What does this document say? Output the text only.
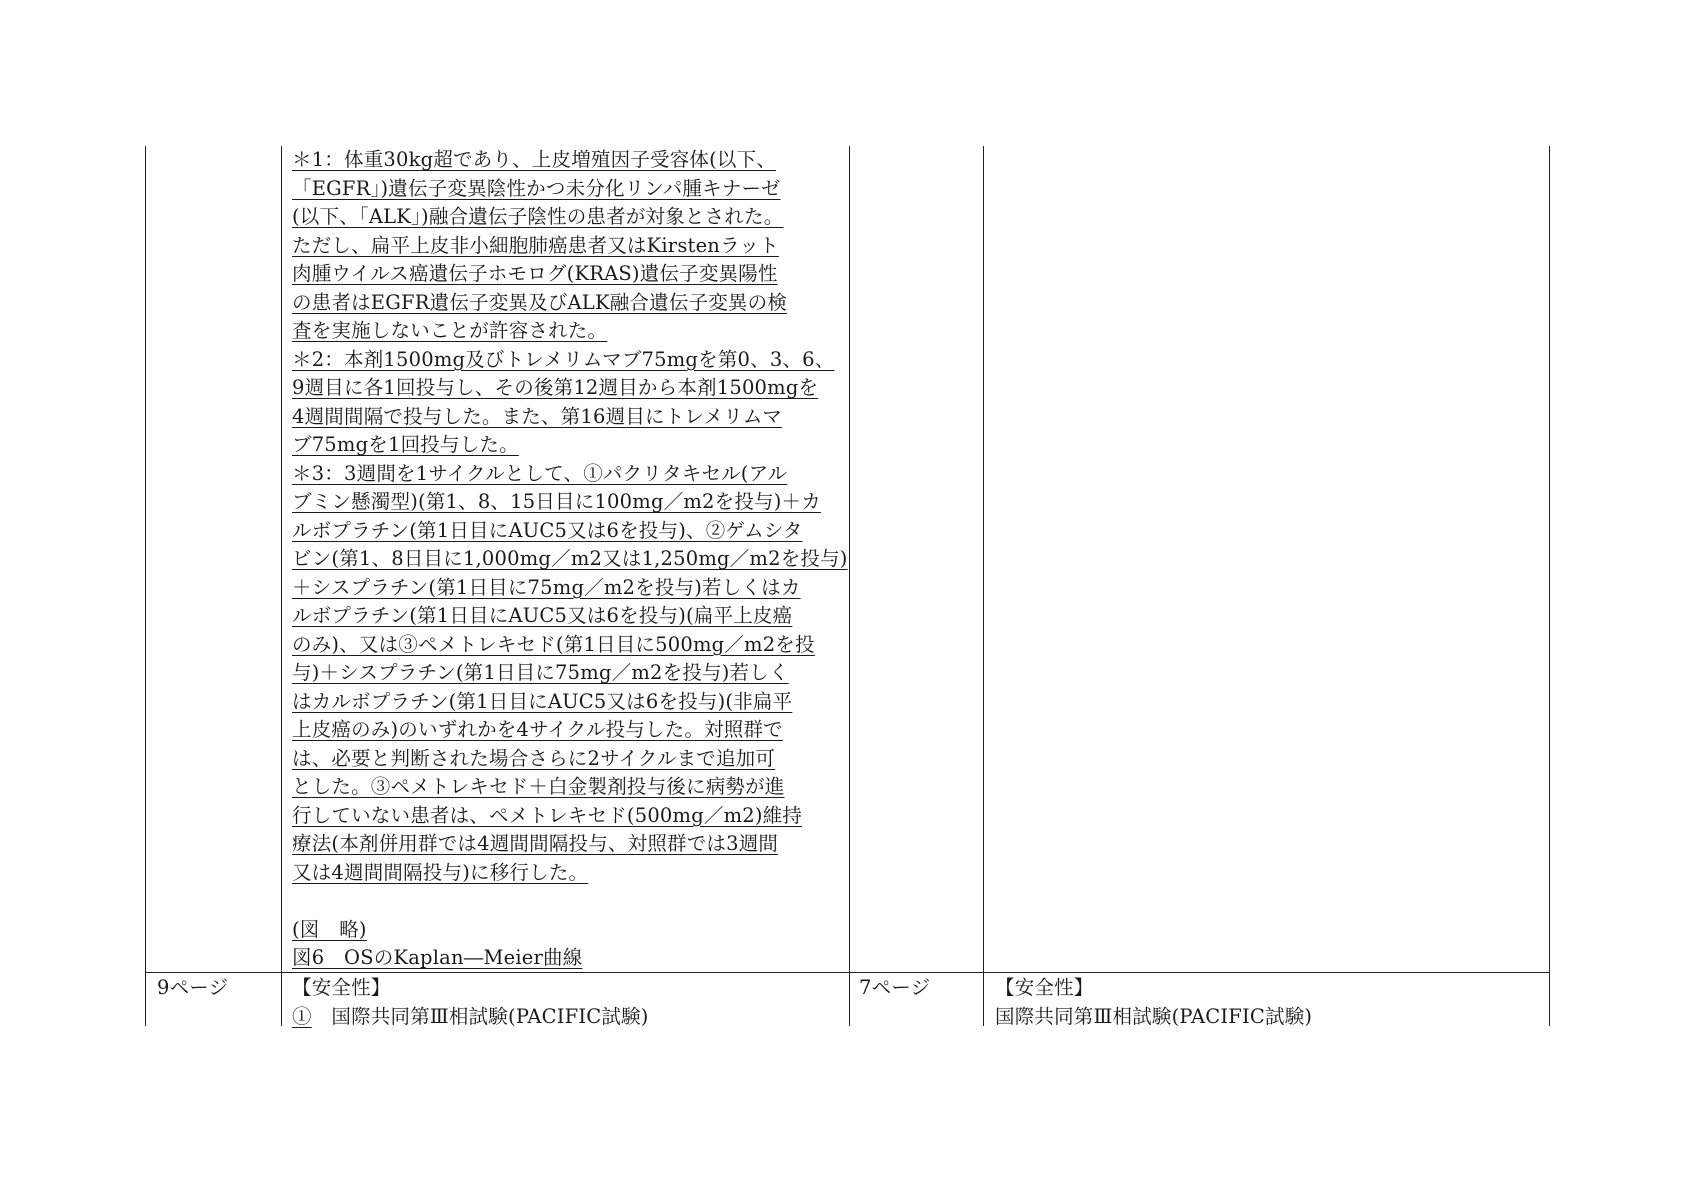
＊1：体重30kg超であり、上皮増殖因子受容体(以下、
「EGFR」)遺伝子変異陰性かつ未分化リンパ腫キナーゼ
(以下、「ALK」)融合遺伝子陰性の患者が対象とされた。
ただし、扁平上皮非小細胞肺癌患者又はKirstenラット
肉腫ウイルス癌遺伝子ホモログ(KRAS)遺伝子変異陽性
の患者はEGFR遺伝子変異及びALK融合遺伝子変異の検
査を実施しないことが許容された。
＊2：本剤1500mg及びトレメリムマブ75mgを第0、3、6、
9週目に各1回投与し、その後第12週目から本剤1500mgを
4週間間隔で投与した。また、第16週目にトレメリムマ
ブ75mgを1回投与した。
＊3：3週間を1サイクルとして、①パクリタキセル(アル
ブミン懸濁型)(第1、8、15日目に100mg／m2を投与)＋カ
ルボプラチン(第1日目にAUC5又は6を投与)、②ゲムシタ
ビン(第1、8日目に1,000mg／m2又は1,250mg／m2を投与)
＋シスプラチン(第1日目に75mg／m2を投与)若しくはカ
ルボプラチン(第1日目にAUC5又は6を投与)(扁平上皮癌
のみ)、又は③ペメトレキセド(第1日目に500mg／m2を投
与)＋シスプラチン(第1日目に75mg／m2を投与)若しく
はカルボプラチン(第1日目にAUC5又は6を投与)(非扁平
上皮癌のみ)のいずれかを4サイクル投与した。対照群で
は、必要と判断された場合さらに2サイクルまで追加可
とした。③ペメトレキセド＋白金製剤投与後に病勢が進
行していない患者は、ペメトレキセド(500mg／m2)維持
療法(本剤併用群では4週間間隔投与、対照群では3週間
又は4週間間隔投与)に移行した。
(図　略)
図6　OSのKaplan―Meier曲線
9ページ	【安全性】
①　国際共同第Ⅲ相試験(PACIFIC試験)
7ページ	【安全性】
国際共同第Ⅲ相試験(PACIFIC試験)
